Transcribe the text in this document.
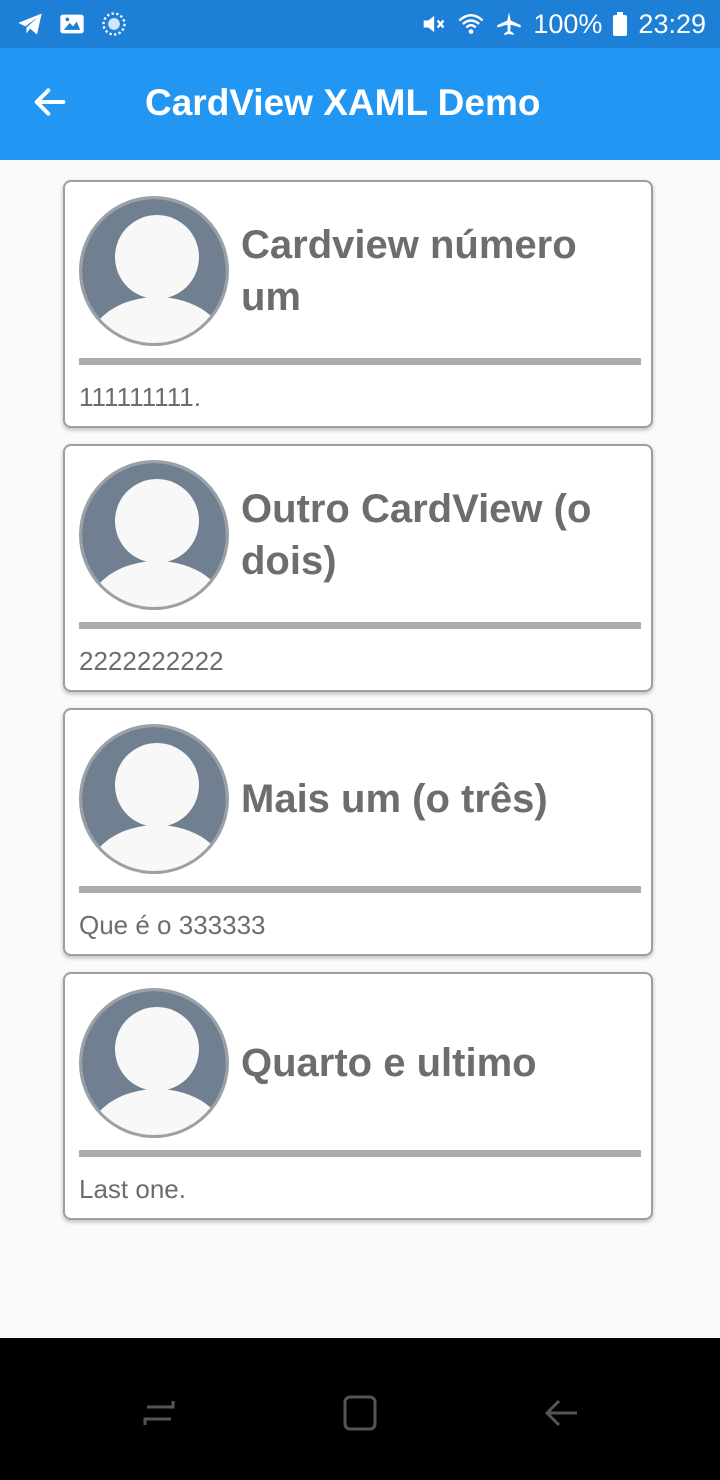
100% 23:29
CardView XAML Demo
Cardview número um
111111111.
Outro CardView (o dois)
2222222222
Mais um (o três)
Que é o 333333
Quarto e ultimo
Last one.
